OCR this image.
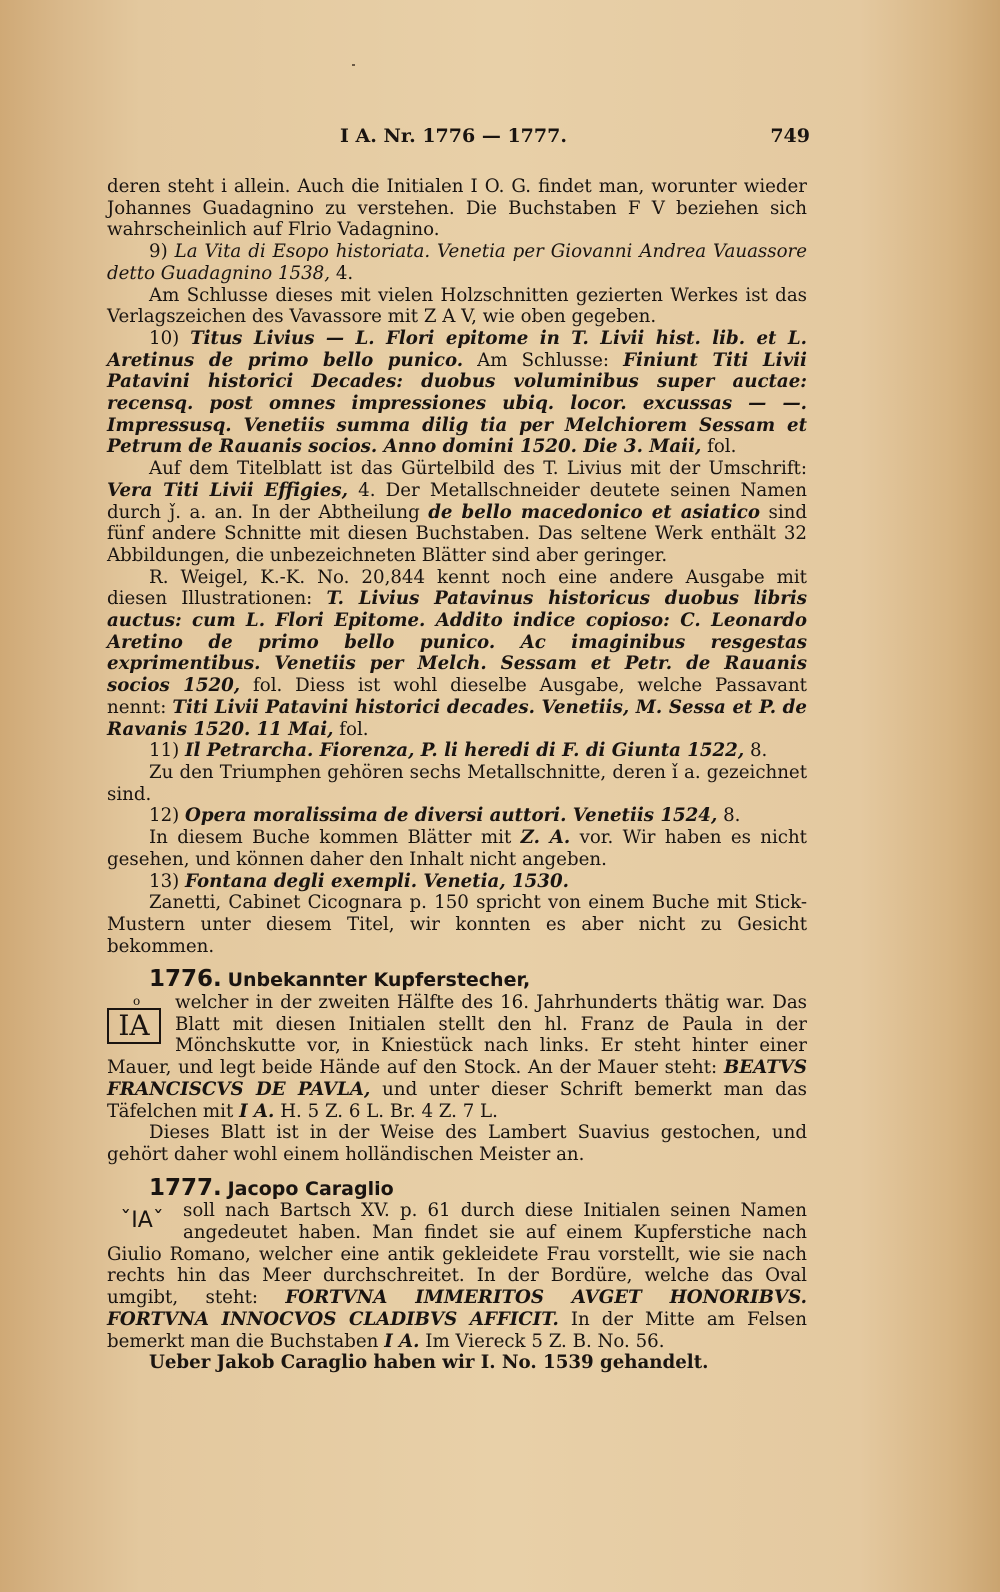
I A. Nr. 1776 — 1777.	749

deren steht i allein. Auch die Initialen I O. G. findet man, worunter wieder Johannes Guadagnino zu verstehen. Die Buchstaben F V beziehen sich wahrscheinlich auf Flrio Vadagnino.

9) La Vita di Esopo historiata. Venetia per Giovanni Andrea Vauassore detto Guadagnino 1538, 4.

Am Schlusse dieses mit vielen Holzschnitten gezierten Werkes ist das Verlagszeichen des Vavassore mit Z A V, wie oben gegeben.

10) Titus Livius — L. Flori epitome in T. Livii hist. lib. et L. Aretinus de primo bello punico. Am Schlusse: Finiunt Titi Livii Patavini historici Decades: duobus voluminibus super auctae: recensq. post omnes impressiones ubiq. locor. excussas — —. Impressusq. Venetiis summa dilig tia per Melchiorem Sessam et Petrum de Rauanis socios. Anno domini 1520. Die 3. Maii, fol.

Auf dem Titelblatt ist das Gürtelbild des T. Livius mit der Umschrift: Vera Titi Livii Effigies, 4. Der Metallschneider deutete seinen Namen durch ǰ. a. an. In der Abtheilung de bello macedonico et asiatico sind fünf andere Schnitte mit diesen Buchstaben. Das seltene Werk enthält 32 Abbildungen, die unbezeichneten Blätter sind aber geringer.

R. Weigel, K.-K. No. 20,844 kennt noch eine andere Ausgabe mit diesen Illustrationen: T. Livius Patavinus historicus duobus libris auctus: cum L. Flori Epitome. Addito indice copioso: C. Leonardo Aretino de primo bello punico. Ac imaginibus resgestas exprimentibus. Venetiis per Melch. Sessam et Petr. de Rauanis socios 1520, fol. Diess ist wohl dieselbe Ausgabe, welche Passavant nennt: Titi Livii Patavini historici decades. Venetiis, M. Sessa et P. de Ravanis 1520. 11 Mai, fol.

11) Il Petrarcha. Fiorenza, P. li heredi di F. di Giunta 1522, 8.

Zu den Triumphen gehören sechs Metallschnitte, deren ǐ a. gezeichnet sind.

12) Opera moralissima de diversi auttori. Venetiis 1524, 8.

In diesem Buche kommen Blätter mit Z. A. vor. Wir haben es nicht gesehen, und können daher den Inhalt nicht angeben.

13) Fontana degli exempli. Venetia, 1530.

Zanetti, Cabinet Cicognara p. 150 spricht von einem Buche mit Stick-Mustern unter diesem Titel, wir konnten es aber nicht zu Gesicht bekommen.

1776. Unbekannter Kupferstecher,

o
IA

welcher in der zweiten Hälfte des 16. Jahrhunderts thätig war. Das Blatt mit diesen Initialen stellt den hl. Franz de Paula in der Mönchskutte vor, in Kniestück nach links. Er steht hinter einer Mauer, und legt beide Hände auf den Stock. An der Mauer steht: BEATVS FRANCISCVS DE PAVLA, und unter dieser Schrift bemerkt man das Täfelchen mit I A. H. 5 Z. 6 L. Br. 4 Z. 7 L.

Dieses Blatt ist in der Weise des Lambert Suavius gestochen, und gehört daher wohl einem holländischen Meister an.

1777. Jacopo Caraglio

ˇIAˇ	soll nach Bartsch XV. p. 61 durch diese Initialen seinen Namen angedeutet haben. Man findet sie auf einem Kupferstiche nach Giulio Romano, welcher eine antik gekleidete Frau vorstellt, wie sie nach rechts hin das Meer durchschreitet. In der Bordüre, welche das Oval umgibt, steht: FORTVNA IMMERITOS AVGET HONORIBVS. FORTVNA INNOCVOS CLADIBVS AFFICIT. In der Mitte am Felsen bemerkt man die Buchstaben I A. Im Viereck 5 Z. B. No. 56.

Ueber Jakob Caraglio haben wir I. No. 1539 gehandelt.
